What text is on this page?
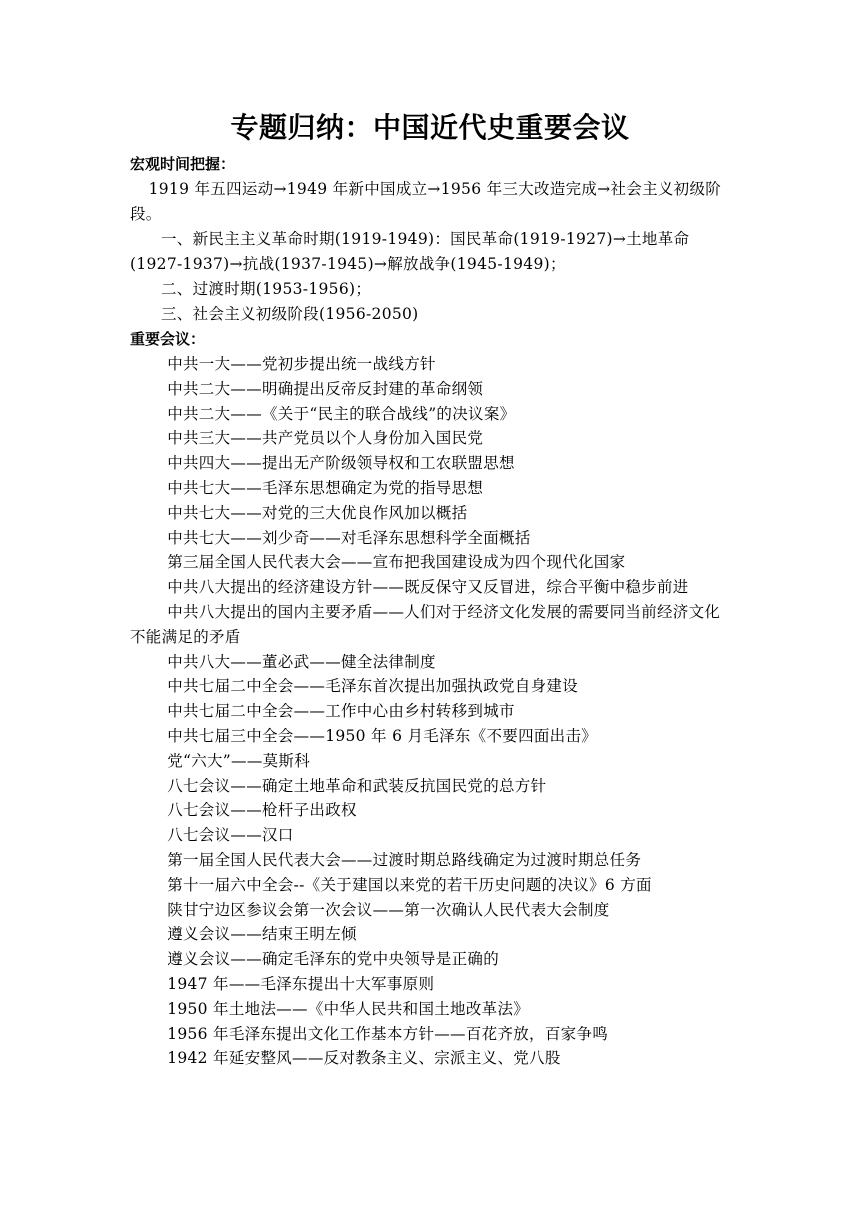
专题归纳：中国近代史重要会议

宏观时间把握：

1919 年五四运动→1949 年新中国成立→1956 年三大改造完成→社会主义初级阶段。

一、新民主主义革命时期(1919-1949)：国民革命(1919-1927)→土地革命(1927-1937)→抗战(1937-1945)→解放战争(1945-1949)；

二、过渡时期(1953-1956)；

三、社会主义初级阶段(1956-2050)

重要会议：

中共一大——党初步提出统一战线方针
中共二大——明确提出反帝反封建的革命纲领
中共二大——《关于“民主的联合战线”的决议案》
中共三大——共产党员以个人身份加入国民党
中共四大——提出无产阶级领导权和工农联盟思想
中共七大——毛泽东思想确定为党的指导思想
中共七大——对党的三大优良作风加以概括
中共七大——刘少奇——对毛泽东思想科学全面概括
第三届全国人民代表大会——宣布把我国建设成为四个现代化国家
中共八大提出的经济建设方针——既反保守又反冒进，综合平衡中稳步前进
中共八大提出的国内主要矛盾——人们对于经济文化发展的需要同当前经济文化不能满足的矛盾
中共八大——董必武——健全法律制度
中共七届二中全会——毛泽东首次提出加强执政党自身建设
中共七届二中全会——工作中心由乡村转移到城市
中共七届三中全会——1950 年 6 月毛泽东《不要四面出击》
党“六大”——莫斯科
八七会议——确定土地革命和武装反抗国民党的总方针
八七会议——枪杆子出政权
八七会议——汉口
第一届全国人民代表大会——过渡时期总路线确定为过渡时期总任务
第十一届六中全会--《关于建国以来党的若干历史问题的决议》6 方面
陕甘宁边区参议会第一次会议——第一次确认人民代表大会制度
遵义会议——结束王明左倾
遵义会议——确定毛泽东的党中央领导是正确的
1947 年——毛泽东提出十大军事原则
1950 年土地法——《中华人民共和国土地改革法》
1956 年毛泽东提出文化工作基本方针——百花齐放，百家争鸣
1942 年延安整风——反对教条主义、宗派主义、党八股
